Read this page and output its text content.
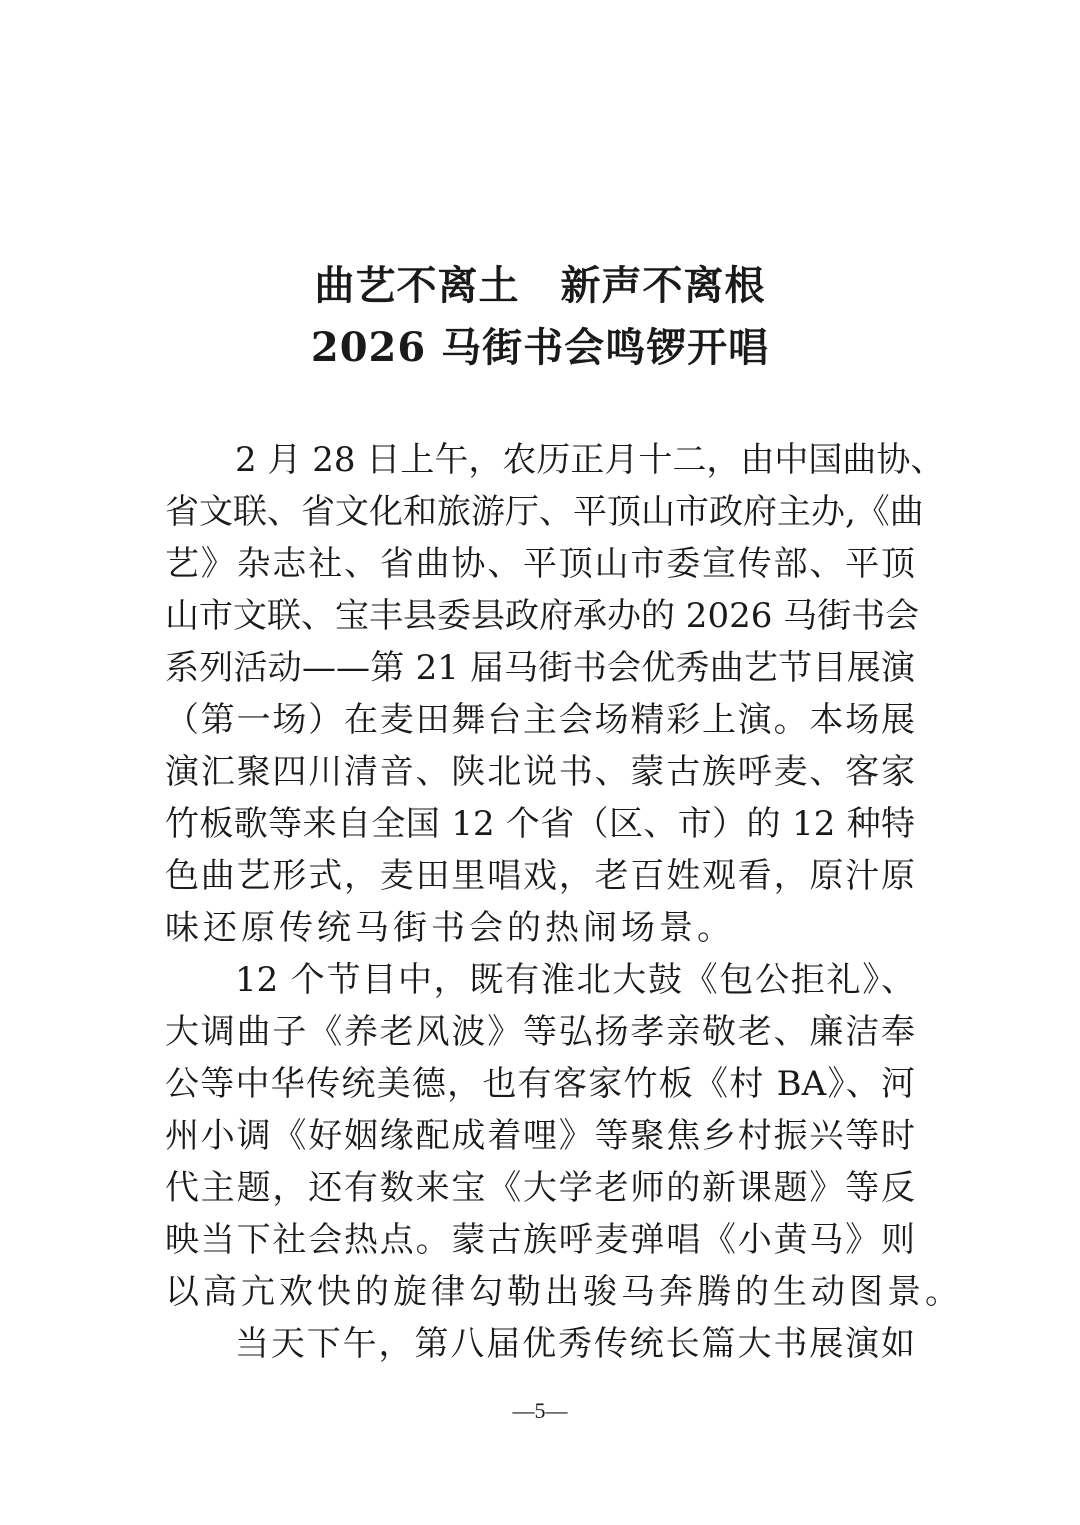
曲艺不离土　新声不离根
2026 马街书会鸣锣开唱
2 月 28 日上午，农历正月十二，由中国曲协、
省文联、省文化和旅游厅、平顶山市政府主办,《曲
艺》杂志社、省曲协、平顶山市委宣传部、平顶
山市文联、宝丰县委县政府承办的 2026 马街书会
系列活动——第 21 届马街书会优秀曲艺节目展演
（第一场）在麦田舞台主会场精彩上演。本场展
演汇聚四川清音、陕北说书、蒙古族呼麦、客家
竹板歌等来自全国 12 个省（区、市）的 12 种特
色曲艺形式，麦田里唱戏，老百姓观看，原汁原
味还原传统马街书会的热闹场景。
12 个节目中，既有淮北大鼓《包公拒礼》、
大调曲子《养老风波》等弘扬孝亲敬老、廉洁奉
公等中华传统美德，也有客家竹板《村 BA》、河
州小调《好姻缘配成着哩》等聚焦乡村振兴等时
代主题，还有数来宝《大学老师的新课题》等反
映当下社会热点。蒙古族呼麦弹唱《小黄马》则
以高亢欢快的旋律勾勒出骏马奔腾的生动图景。
当天下午，第八届优秀传统长篇大书展演如
—5—
